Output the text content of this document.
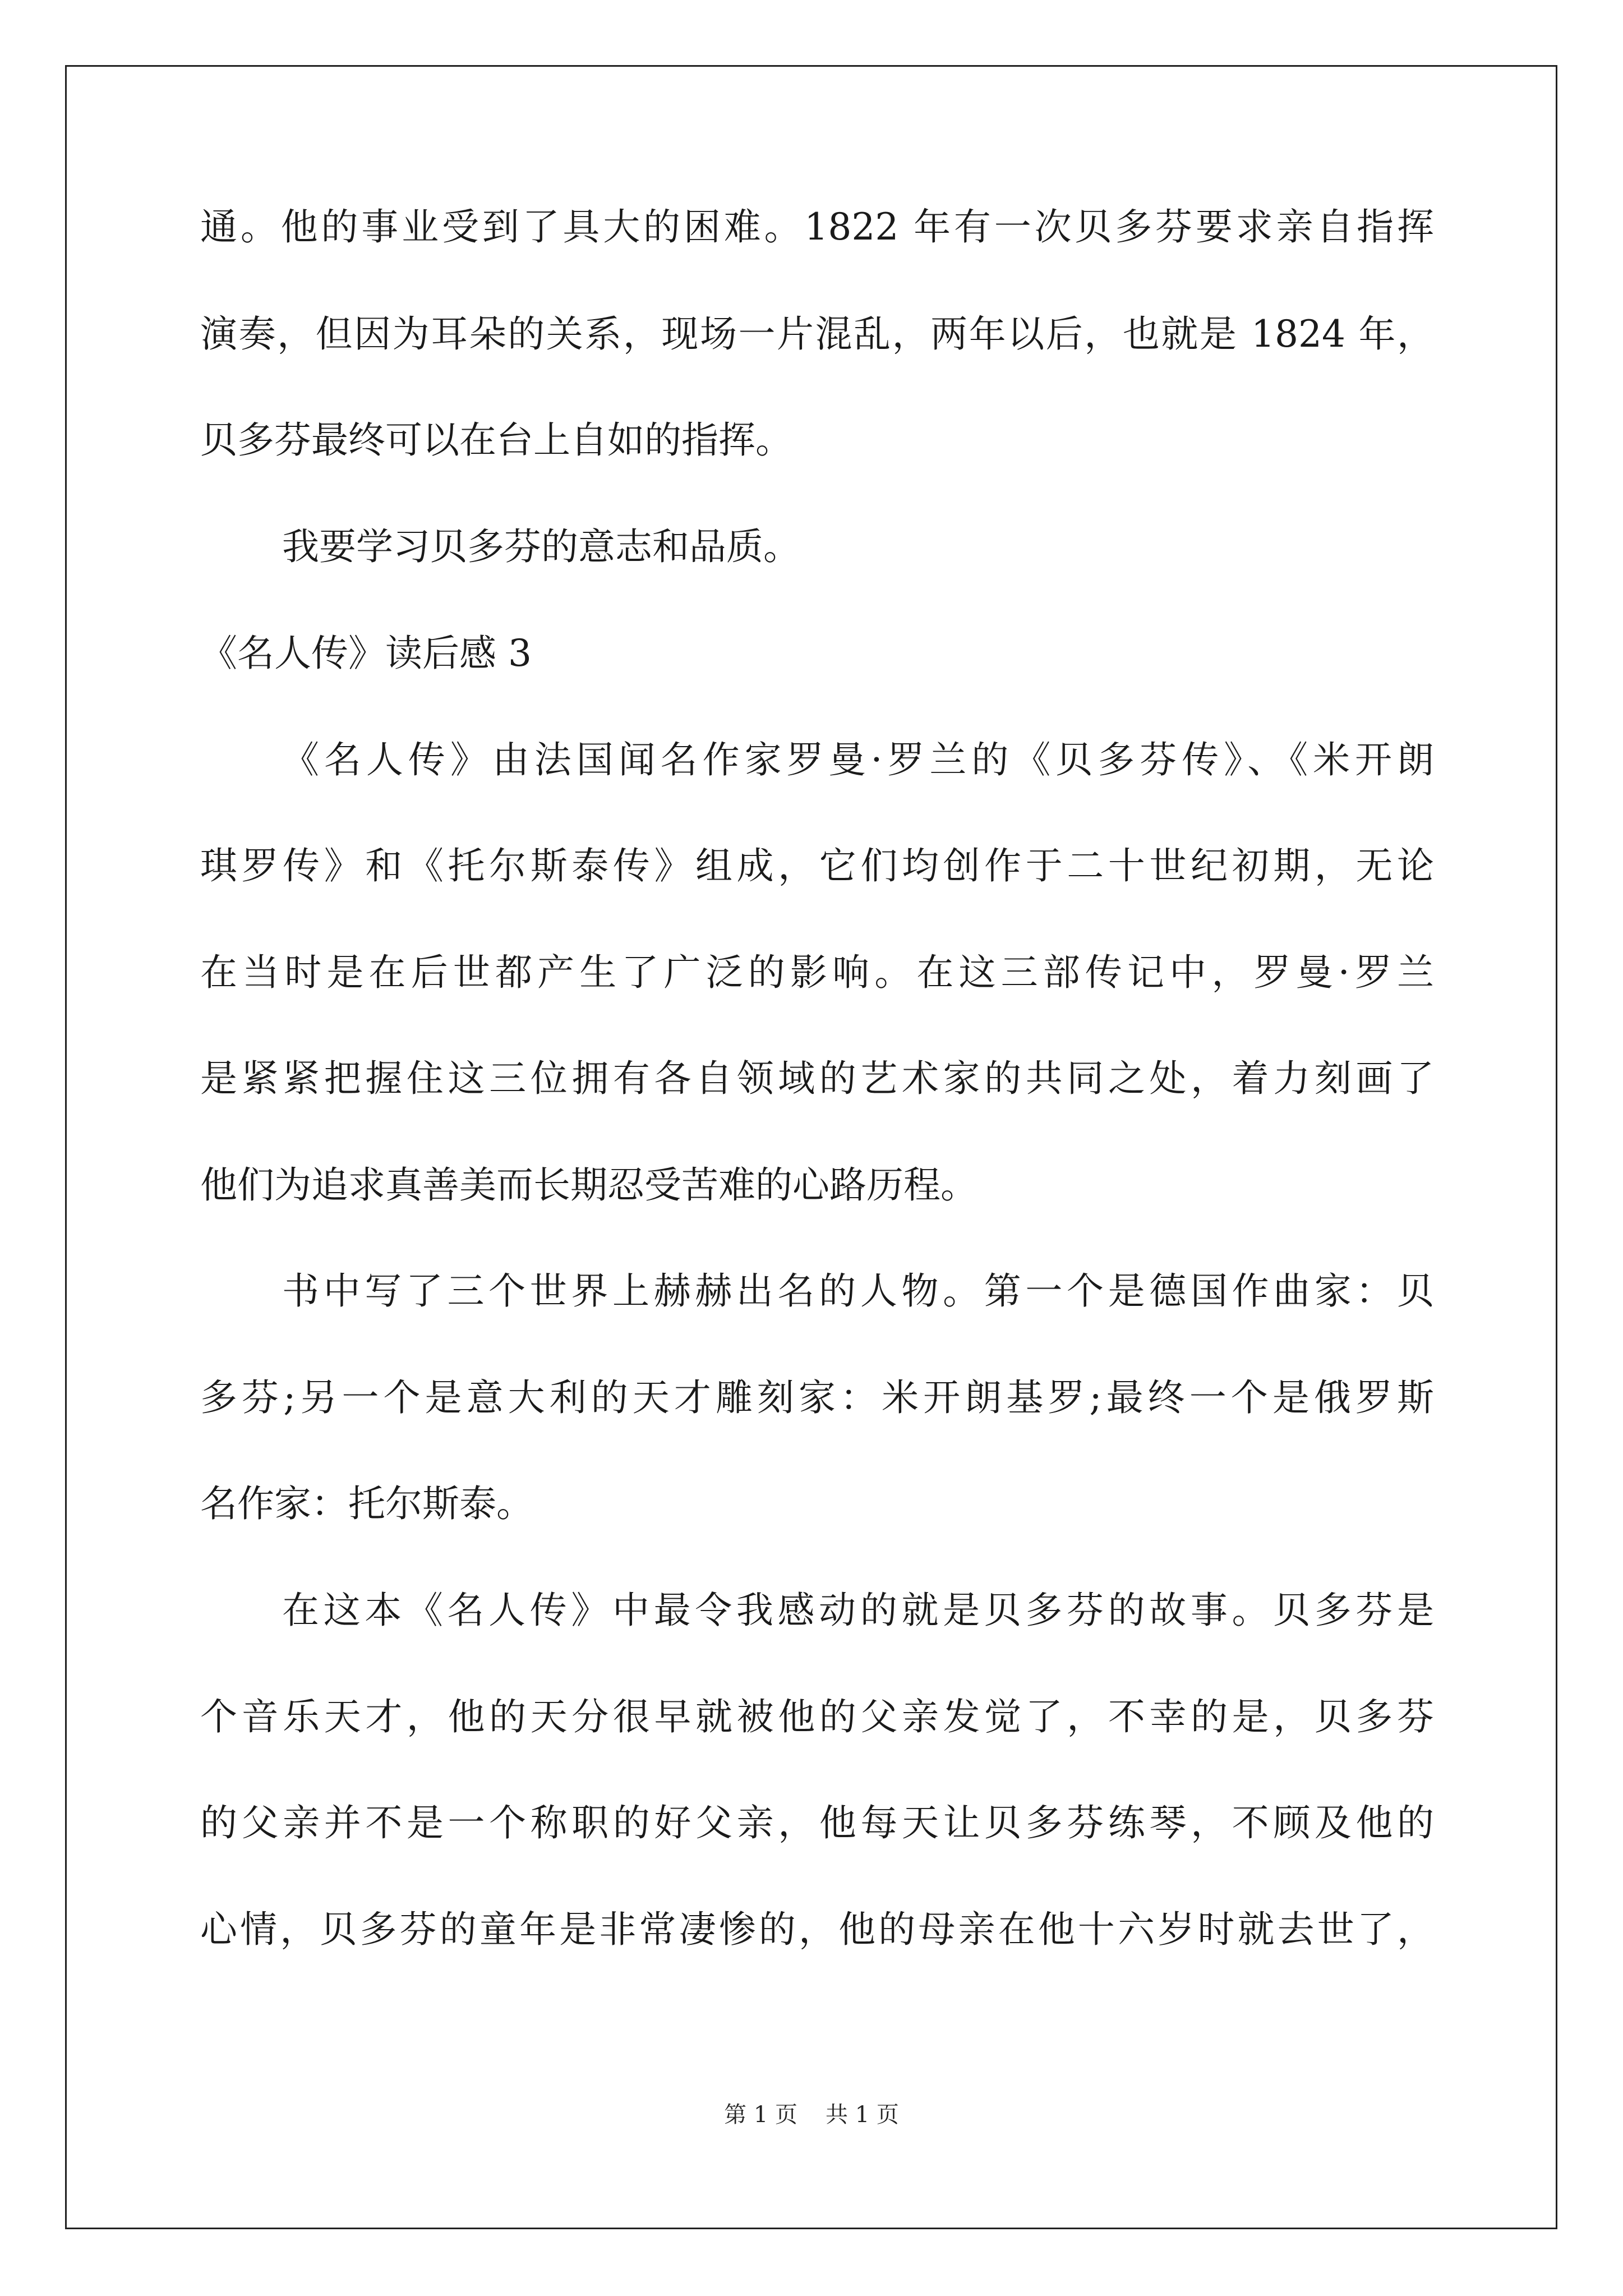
通。他的事业受到了具大的困难。1822 年有一次贝多芬要求亲自指挥
演奏，但因为耳朵的关系，现场一片混乱，两年以后，也就是 1824 年，
贝多芬最终可以在台上自如的指挥。
我要学习贝多芬的意志和品质。
《名人传》读后感 3
《名人传》由法国闻名作家罗曼·罗兰的《贝多芬传》、《米开朗
琪罗传》和《托尔斯泰传》组成，它们均创作于二十世纪初期，无论
在当时是在后世都产生了广泛的影响。在这三部传记中，罗曼·罗兰
是紧紧把握住这三位拥有各自领域的艺术家的共同之处，着力刻画了
他们为追求真善美而长期忍受苦难的心路历程。
书中写了三个世界上赫赫出名的人物。第一个是德国作曲家：贝
多芬;另一个是意大利的天才雕刻家：米开朗基罗;最终一个是俄罗斯
名作家：托尔斯泰。
在这本《名人传》中最令我感动的就是贝多芬的故事。贝多芬是
个音乐天才，他的天分很早就被他的父亲发觉了，不幸的是，贝多芬
的父亲并不是一个称职的好父亲，他每天让贝多芬练琴，不顾及他的
心情，贝多芬的童年是非常凄惨的，他的母亲在他十六岁时就去世了，
第 1 页 共 1 页
